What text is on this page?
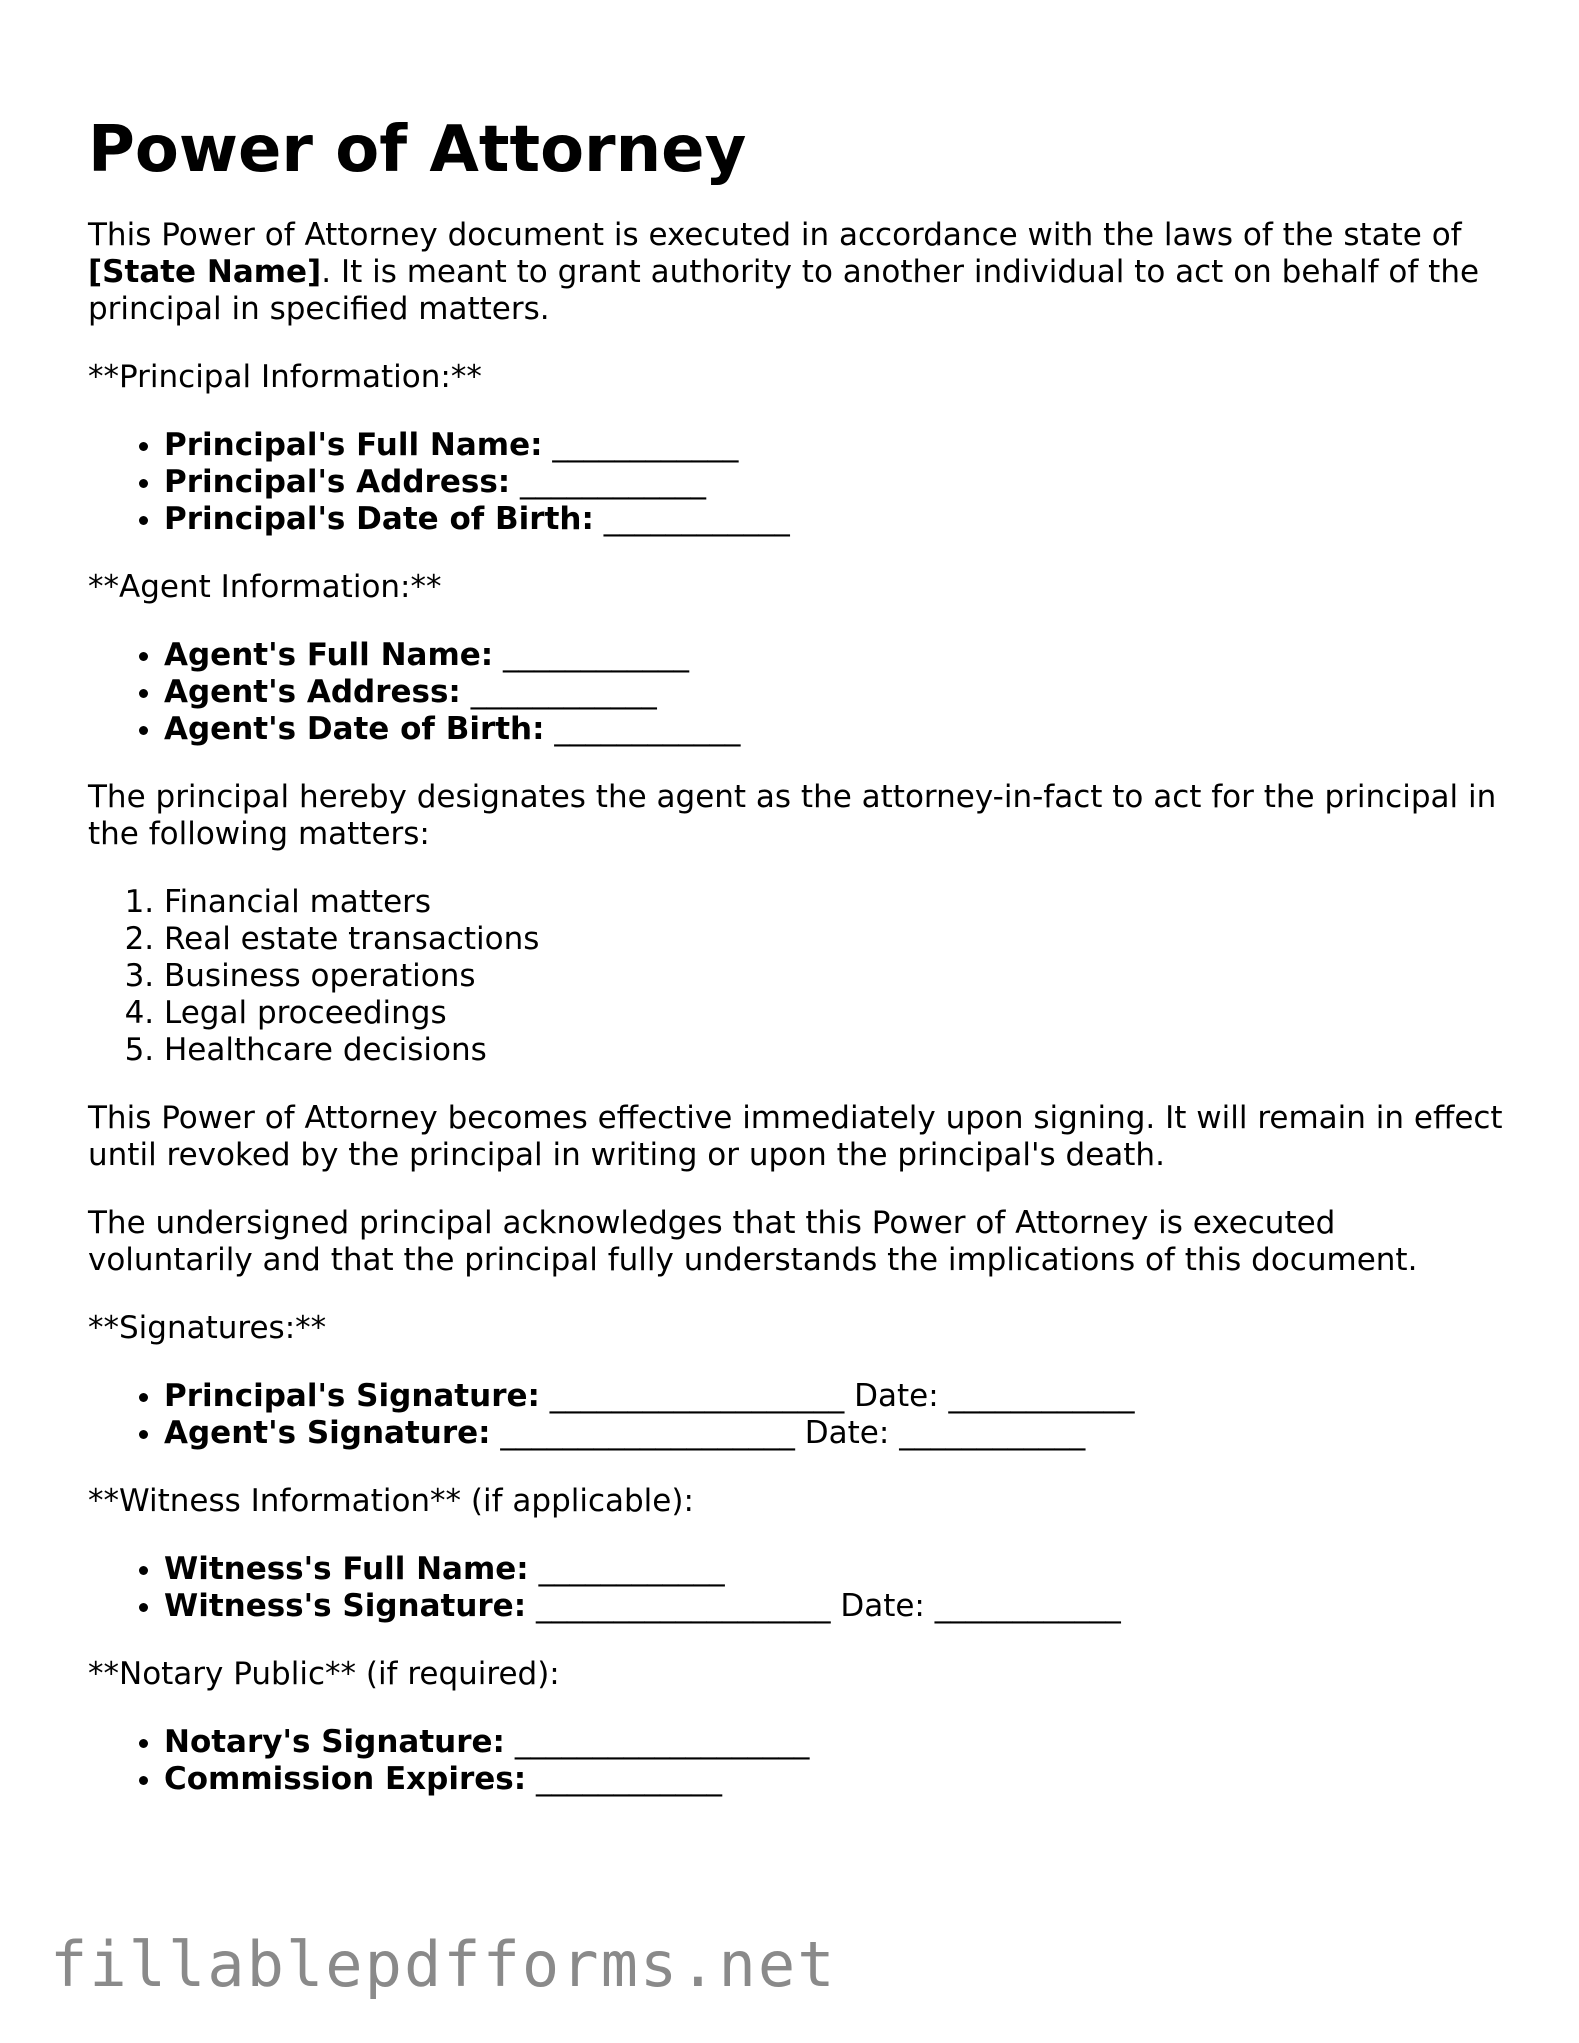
Power of Attorney

This Power of Attorney document is executed in accordance with the laws of the state of [State Name]. It is meant to grant authority to another individual to act on behalf of the principal in specified matters.

**Principal Information:**

• Principal's Full Name: ____________
• Principal's Address: ____________
• Principal's Date of Birth: ____________

**Agent Information:**

• Agent's Full Name: ____________
• Agent's Address: ____________
• Agent's Date of Birth: ____________

The principal hereby designates the agent as the attorney-in-fact to act for the principal in the following matters:

1. Financial matters
2. Real estate transactions
3. Business operations
4. Legal proceedings
5. Healthcare decisions

This Power of Attorney becomes effective immediately upon signing. It will remain in effect until revoked by the principal in writing or upon the principal's death.

The undersigned principal acknowledges that this Power of Attorney is executed voluntarily and that the principal fully understands the implications of this document.

**Signatures:**

• Principal's Signature: ___________________ Date: ____________
• Agent's Signature: ___________________ Date: ____________

**Witness Information** (if applicable):

• Witness's Full Name: ____________
• Witness's Signature: ___________________ Date: ____________

**Notary Public** (if required):

• Notary's Signature: ___________________
• Commission Expires: ____________
fillablepdfforms.net
